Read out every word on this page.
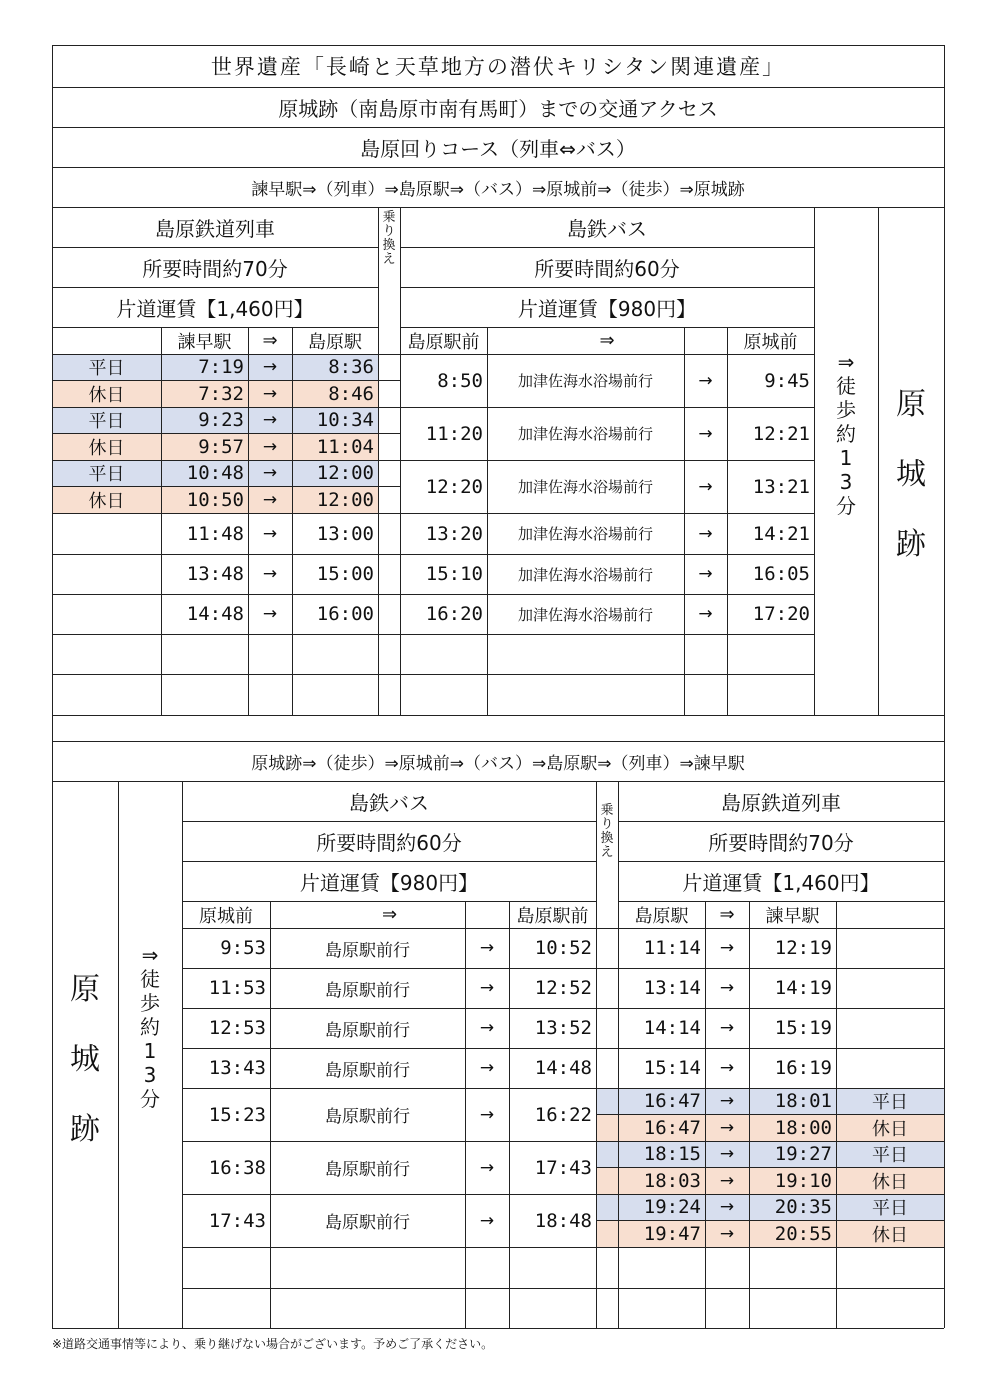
世界遺産「長崎と天草地方の潜伏キリシタン関連遺産」
原城跡（南島原市南有馬町）までの交通アクセス
島原回りコース（列車⇔バス）
諫早駅⇒（列車）⇒島原駅⇒（バス）⇒原城前⇒（徒歩）⇒原城跡
原城跡⇒（徒歩）⇒原城前⇒（バス）⇒島原駅⇒（列車）⇒諫早駅
島原鉄道列車
所要時間約70分
片道運賃【1,460円】
諫早駅	⇒	島原駅
乗
り
換
え
島鉄バス
所要時間約60分
片道運賃【980円】
島原駅前	⇒	原城前
⇒
徒
歩
約
1
3
分
原
城
跡
平日	7:19	→	8:36
休日	7:32	→	8:46
平日	9:23	→	10:34
休日	9:57	→	11:04
平日	10:48	→	12:00
休日	10:50	→	12:00
11:48	→	13:00
13:48	→	15:00
14:48	→	16:00
8:50	加津佐海水浴場前行	→	9:45
11:20	加津佐海水浴場前行	→	12:21
12:20	加津佐海水浴場前行	→	13:21
13:20	加津佐海水浴場前行	→	14:21
15:10	加津佐海水浴場前行	→	16:05
16:20	加津佐海水浴場前行	→	17:20
島鉄バス
所要時間約60分
片道運賃【980円】
原城前	⇒	島原駅前
乗
り
換
え
島原鉄道列車
所要時間約70分
片道運賃【1,460円】
島原駅	⇒	諫早駅
⇒
徒
歩
約
1
3
分
原
城
跡
9:53	島原駅前行	→	10:52
11:53	島原駅前行	→	12:52
12:53	島原駅前行	→	13:52
13:43	島原駅前行	→	14:48
15:23	島原駅前行	→	16:22
16:38	島原駅前行	→	17:43
17:43	島原駅前行	→	18:48
11:14	→	12:19
13:14	→	14:19
14:14	→	15:19
15:14	→	16:19
16:47	→	18:01	平日
16:47	→	18:00	休日
18:15	→	19:27	平日
18:03	→	19:10	休日
19:24	→	20:35	平日
19:47	→	20:55	休日
※道路交通事情等により、乗り継げない場合がございます。予めご了承ください。
